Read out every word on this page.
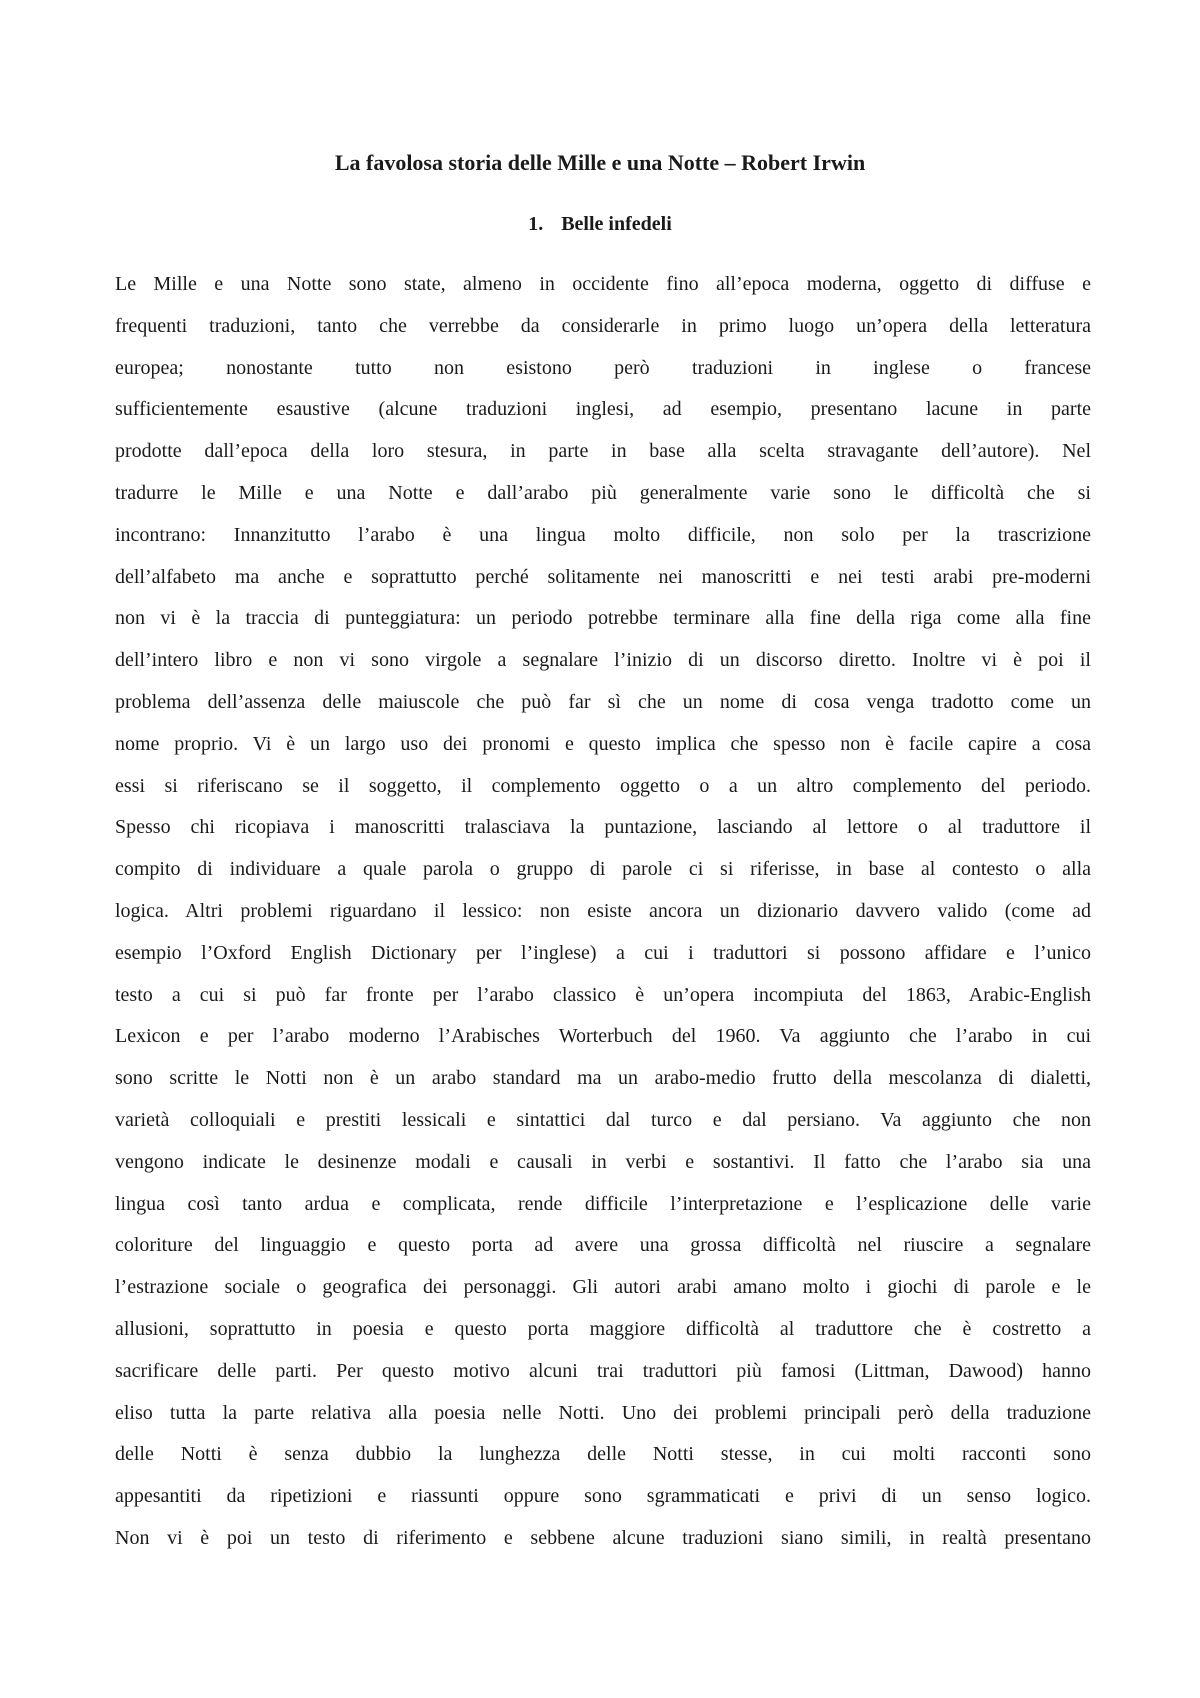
La favolosa storia delle Mille e una Notte – Robert Irwin
1. Belle infedeli
Le Mille e una Notte sono state, almeno in occidente fino all’epoca moderna, oggetto di diffuse e
frequenti traduzioni, tanto che verrebbe da considerarle in primo luogo un’opera della letteratura
europea; nonostante tutto non esistono però traduzioni in inglese o francese
sufficientemente esaustive (alcune traduzioni inglesi, ad esempio, presentano lacune in parte
prodotte dall’epoca della loro stesura, in parte in base alla scelta stravagante dell’autore). Nel
tradurre le Mille e una Notte e dall’arabo più generalmente varie sono le difficoltà che si
incontrano: Innanzitutto l’arabo è una lingua molto difficile, non solo per la trascrizione
dell’alfabeto ma anche e soprattutto perché solitamente nei manoscritti e nei testi arabi pre-moderni
non vi è la traccia di punteggiatura: un periodo potrebbe terminare alla fine della riga come alla fine
dell’intero libro e non vi sono virgole a segnalare l’inizio di un discorso diretto. Inoltre vi è poi il
problema dell’assenza delle maiuscole che può far sì che un nome di cosa venga tradotto come un
nome proprio. Vi è un largo uso dei pronomi e questo implica che spesso non è facile capire a cosa
essi si riferiscano se il soggetto, il complemento oggetto o a un altro complemento del periodo.
Spesso chi ricopiava i manoscritti tralasciava la puntazione, lasciando al lettore o al traduttore il
compito di individuare a quale parola o gruppo di parole ci si riferisse, in base al contesto o alla
logica. Altri problemi riguardano il lessico: non esiste ancora un dizionario davvero valido (come ad
esempio l’Oxford English Dictionary per l’inglese) a cui i traduttori si possono affidare e l’unico
testo a cui si può far fronte per l’arabo classico è un’opera incompiuta del 1863, Arabic-English
Lexicon e per l’arabo moderno l’Arabisches Worterbuch del 1960. Va aggiunto che l’arabo in cui
sono scritte le Notti non è un arabo standard ma un arabo-medio frutto della mescolanza di dialetti,
varietà colloquiali e prestiti lessicali e sintattici dal turco e dal persiano. Va aggiunto che non
vengono indicate le desinenze modali e causali in verbi e sostantivi. Il fatto che l’arabo sia una
lingua così tanto ardua e complicata, rende difficile l’interpretazione e l’esplicazione delle varie
coloriture del linguaggio e questo porta ad avere una grossa difficoltà nel riuscire a segnalare
l’estrazione sociale o geografica dei personaggi. Gli autori arabi amano molto i giochi di parole e le
allusioni, soprattutto in poesia e questo porta maggiore difficoltà al traduttore che è costretto a
sacrificare delle parti. Per questo motivo alcuni trai traduttori più famosi (Littman, Dawood) hanno
eliso tutta la parte relativa alla poesia nelle Notti. Uno dei problemi principali però della traduzione
delle Notti è senza dubbio la lunghezza delle Notti stesse, in cui molti racconti sono
appesantiti da ripetizioni e riassunti oppure sono sgrammaticati e privi di un senso logico.
Non vi è poi un testo di riferimento e sebbene alcune traduzioni siano simili, in realtà presentano
